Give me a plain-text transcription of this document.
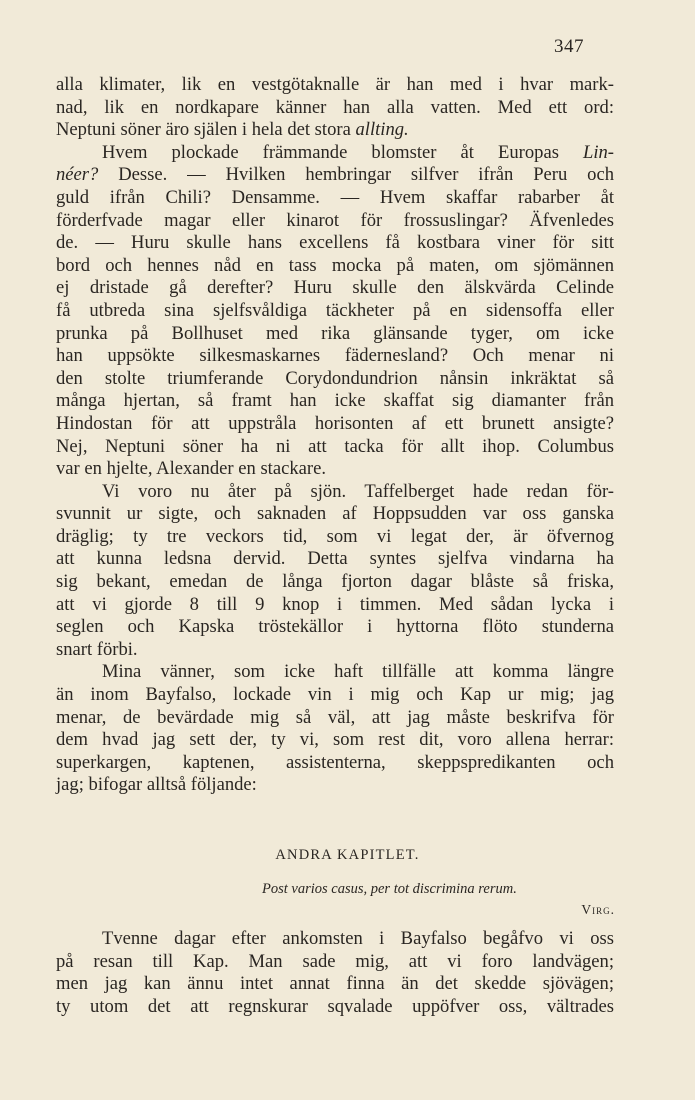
347
alla klimater, lik en vestgötaknalle är han med i hvar mark-
nad, lik en nordkapare känner han alla vatten. Med ett ord:
Neptuni söner äro själen i hela det stora allting.
Hvem plockade främmande blomster åt Europas Lin-
néer? Desse. — Hvilken hembringar silfver ifrån Peru och
guld ifrån Chili? Densamme. — Hvem skaffar rabarber åt
förderfvade magar eller kinarot för frossuslingar? Äfvenledes
de. — Huru skulle hans excellens få kostbara viner för sitt
bord och hennes nåd en tass mocka på maten, om sjömännen
ej dristade gå derefter? Huru skulle den älskvärda Celinde
få utbreda sina sjelfsvåldiga täckheter på en sidensoffa eller
prunka på Bollhuset med rika glänsande tyger, om icke
han uppsökte silkesmaskarnes fädernesland? Och menar ni
den stolte triumferande Corydondundrion nånsin inkräktat så
många hjertan, så framt han icke skaffat sig diamanter från
Hindostan för att uppstråla horisonten af ett brunett ansigte?
Nej, Neptuni söner ha ni att tacka för allt ihop. Columbus
var en hjelte, Alexander en stackare.
Vi voro nu åter på sjön. Taffelberget hade redan för-
svunnit ur sigte, och saknaden af Hoppsudden var oss ganska
dräglig; ty tre veckors tid, som vi legat der, är öfvernog
att kunna ledsna dervid. Detta syntes sjelfva vindarna ha
sig bekant, emedan de långa fjorton dagar blåste så friska,
att vi gjorde 8 till 9 knop i timmen. Med sådan lycka i
seglen och Kapska tröstekällor i hyttorna flöto stunderna
snart förbi.
Mina vänner, som icke haft tillfälle att komma längre
än inom Bayfalso, lockade vin i mig och Kap ur mig; jag
menar, de bevärdade mig så väl, att jag måste beskrifva för
dem hvad jag sett der, ty vi, som rest dit, voro allena herrar:
superkargen, kaptenen, assistenterna, skeppspredikanten och
jag; bifogar alltså följande:
ANDRA KAPITLET.
Post varios casus, per tot discrimina rerum.
Virg.
Tvenne dagar efter ankomsten i Bayfalso begåfvo vi oss
på resan till Kap. Man sade mig, att vi foro landvägen;
men jag kan ännu intet annat finna än det skedde sjövägen;
ty utom det att regnskurar sqvalade uppöfver oss, vältrades
